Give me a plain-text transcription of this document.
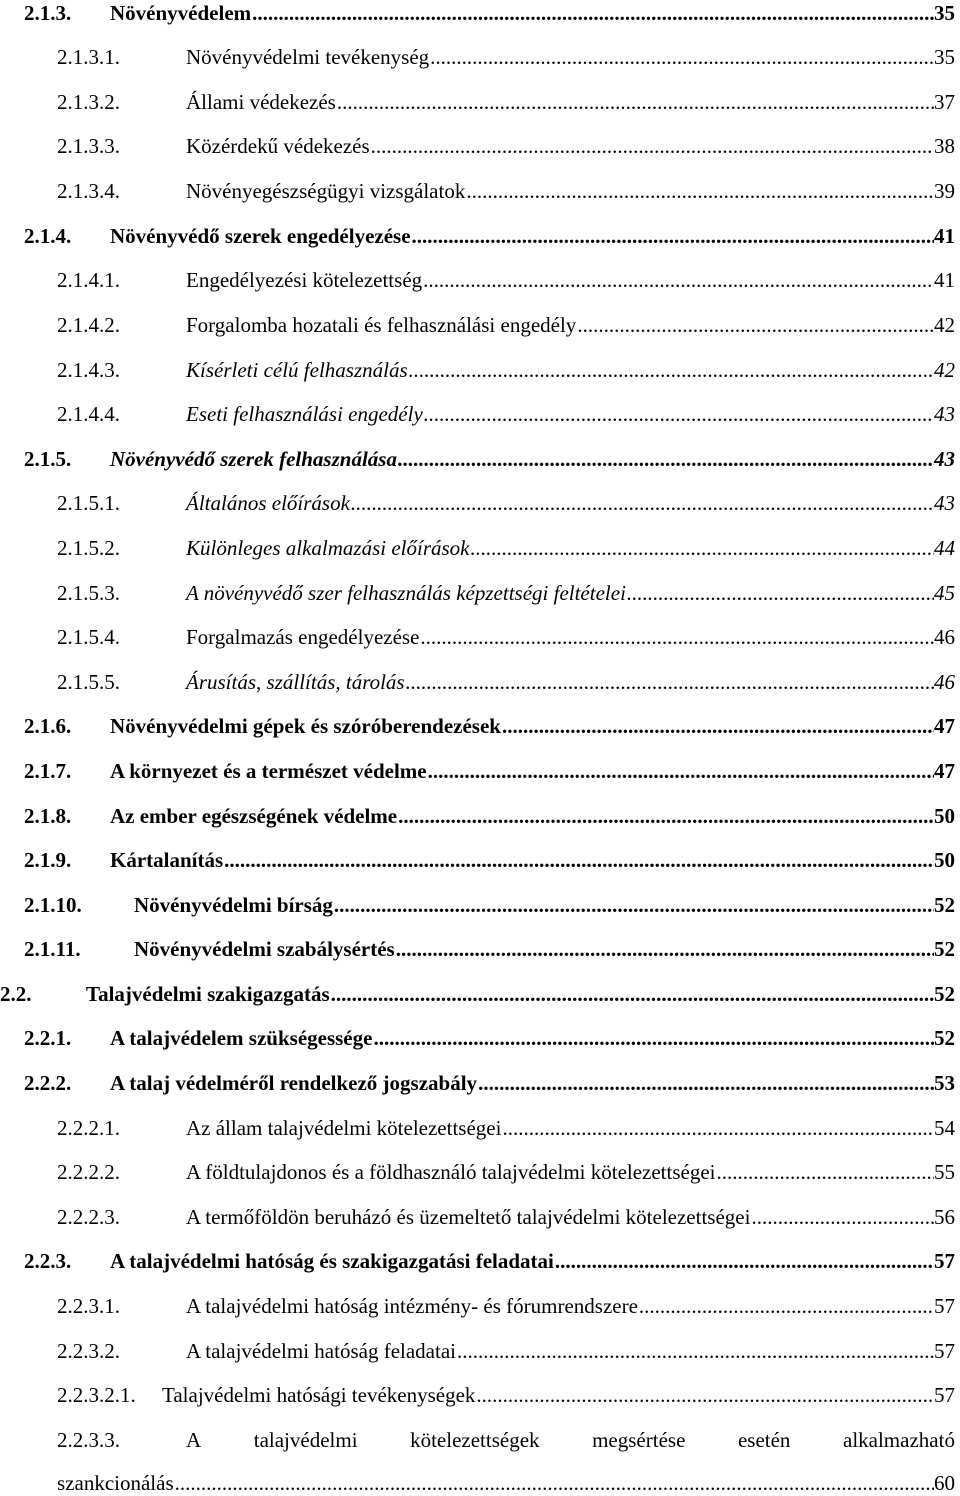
2.1.3. Növényvédelem .....	35
2.1.3.1.	Növényvédelmi tevékenység .....	35
2.1.3.2.	Állami védekezés .....	37
2.1.3.3.	Közérdekű védekezés .....	38
2.1.3.4.	Növényegészségügyi vizsgálatok .....	39
2.1.4. Növényvédő szerek engedélyezése .....	41
2.1.4.1.	Engedélyezési kötelezettség .....	41
2.1.4.2.	Forgalomba hozatali és felhasználási engedély .....	42
2.1.4.3.	Kísérleti célú felhasználás .....	42
2.1.4.4.	Eseti felhasználási engedély .....	43
2.1.5. Növényvédő szerek felhasználása .....	43
2.1.5.1.	Általános előírások .....	43
2.1.5.2.	Különleges alkalmazási előírások .....	44
2.1.5.3.	A növényvédő szer felhasználás képzettségi feltételei .....	45
2.1.5.4.	Forgalmazás engedélyezése .....	46
2.1.5.5.	Árusítás, szállítás, tárolás .....	46
2.1.6. Növényvédelmi gépek és szóróberendezések .....	47
2.1.7. A környezet és a természet védelme .....	47
2.1.8. Az ember egészségének védelme .....	50
2.1.9. Kártalanítás .....	50
2.1.10. Növényvédelmi bírság .....	52
2.1.11.	Növényvédelmi szabálysértés .....	52
2.2.	Talajvédelmi szakigazgatás .....	52
2.2.1. A talajvédelem szükségessége .....	52
2.2.2. A talaj védelméről rendelkező jogszabály .....	53
2.2.2.1.	Az állam talajvédelmi kötelezettségei .....	54
2.2.2.2.	A földtulajdonos és a földhasználó talajvédelmi kötelezettségei .....	55
2.2.2.3.	A termőföldön beruházó és üzemeltető talajvédelmi kötelezettségei .....	56
2.2.3. A talajvédelmi hatóság és szakigazgatási feladatai .....	57
2.2.3.1.	A talajvédelmi hatóság intézmény- és fórumrendszere .....	57
2.2.3.2.	A talajvédelmi hatóság feladatai .....	57
2.2.3.2.1. Talajvédelmi hatósági tevékenységek .....	57
2.2.3.3.	A	talajvédelmi	kötelezettségek	megsértése	esetén	alkalmazható
szankcionálás .....	60
